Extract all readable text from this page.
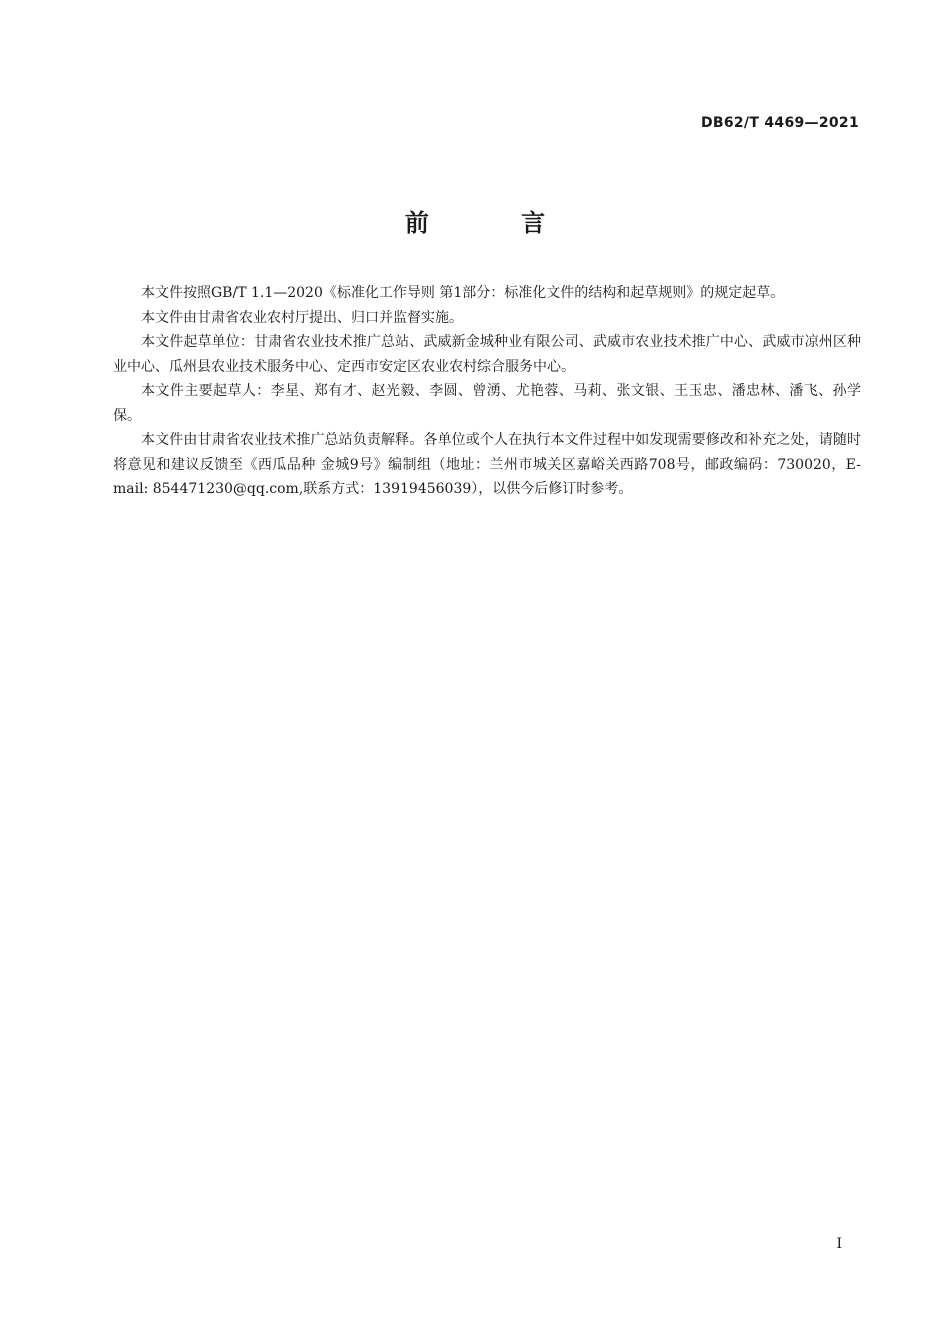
DB62/T 4469—2021
前 言

本文件按照GB/T 1.1—2020《标准化工作导则 第1部分：标准化文件的结构和起草规则》的规定起草。

本文件由甘肃省农业农村厅提出、归口并监督实施。

本文件起草单位：甘肃省农业技术推广总站、武威新金城种业有限公司、武威市农业技术推广中心、武威市凉州区种业中心、瓜州县农业技术服务中心、定西市安定区农业农村综合服务中心。

本文件主要起草人：李星、郑有才、赵光毅、李圆、曾湧、尤艳蓉、马莉、张文银、王玉忠、潘忠林、潘飞、孙学保。

本文件由甘肃省农业技术推广总站负责解释。各单位或个人在执行本文件过程中如发现需要修改和补充之处，请随时将意见和建议反馈至《西瓜品种 金城9号》编制组（地址：兰州市城关区嘉峪关西路708号，邮政编码：730020，E-mail: 854471230@qq.com,联系方式：13919456039），以供今后修订时参考。

I
